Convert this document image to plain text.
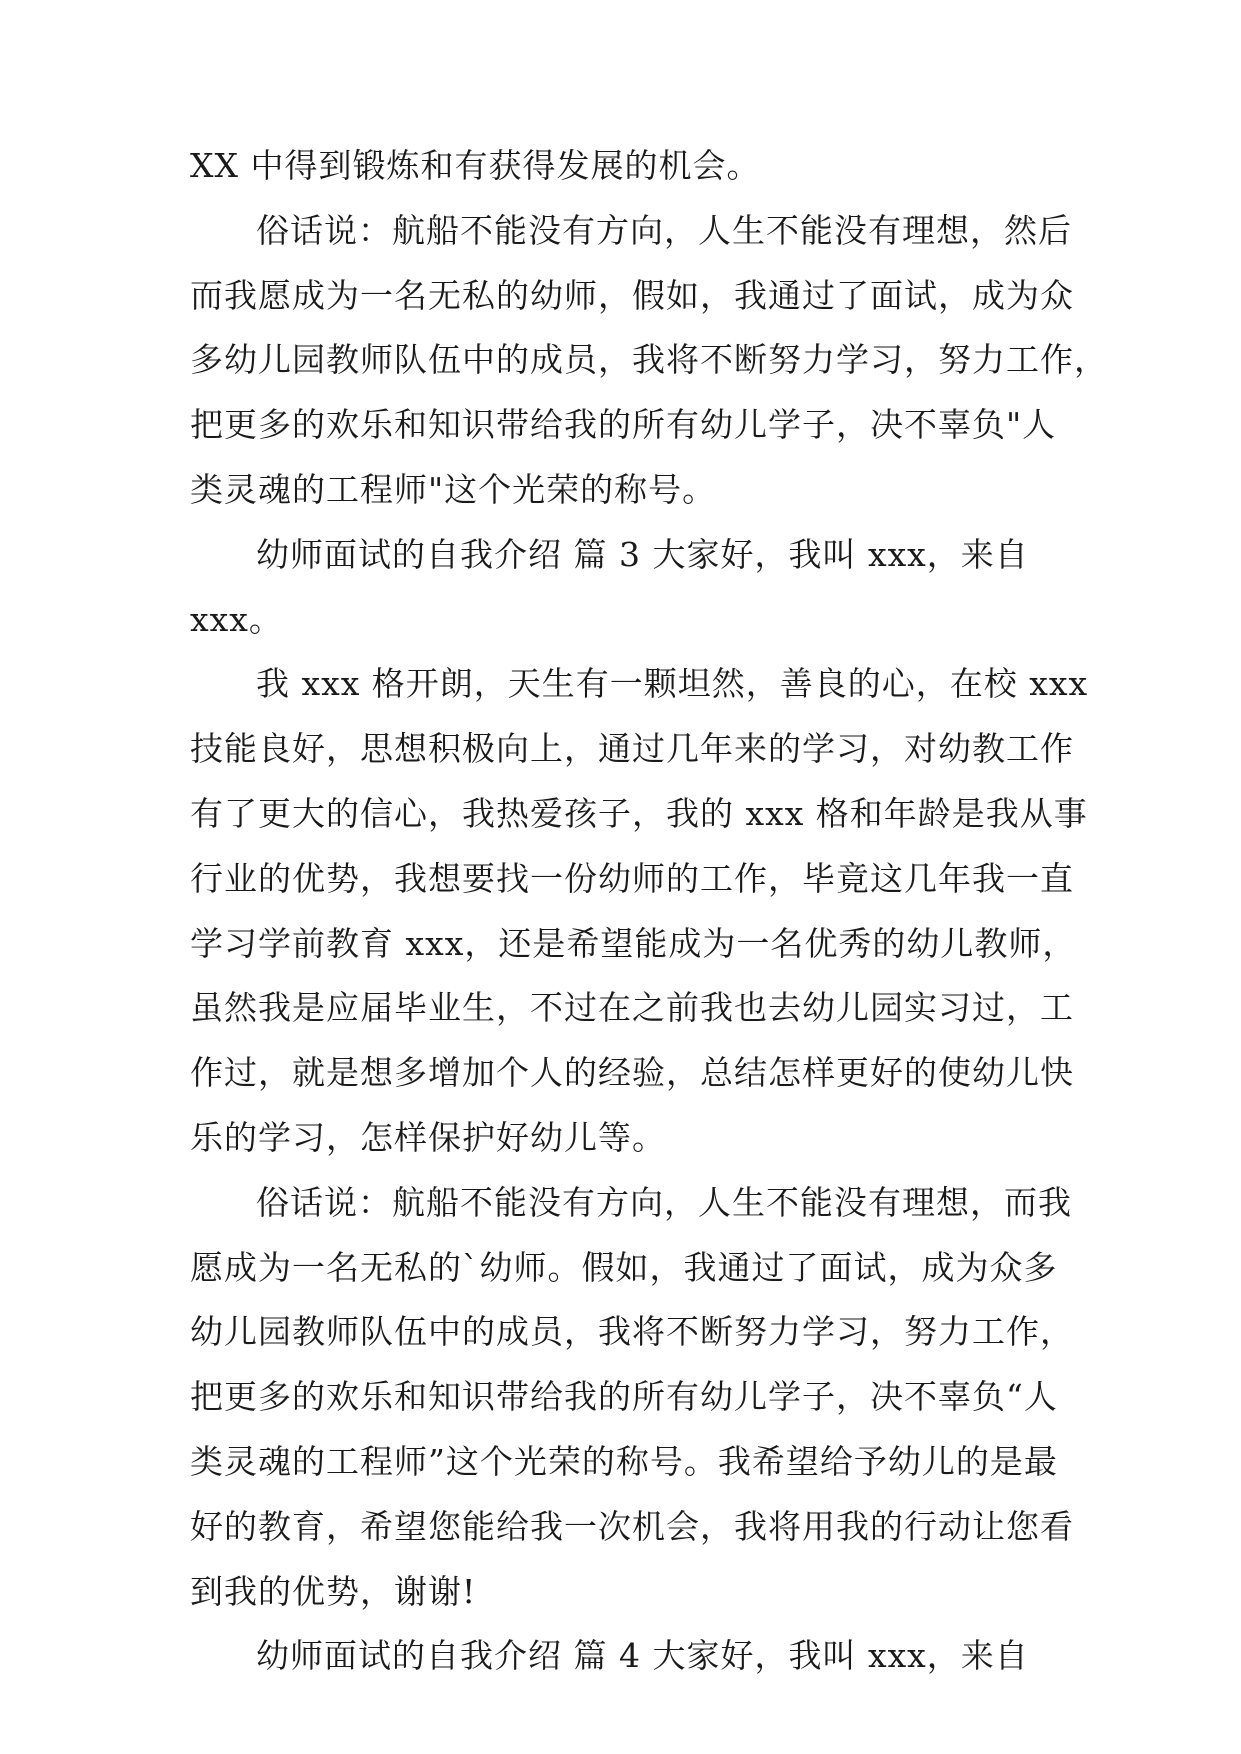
XX 中得到锻炼和有获得发展的机会。
俗话说：航船不能没有方向，人生不能没有理想，然后
而我愿成为一名无私的幼师，假如，我通过了面试，成为众
多幼儿园教师队伍中的成员，我将不断努力学习，努力工作，
把更多的欢乐和知识带给我的所有幼儿学子，决不辜负"人
类灵魂的工程师"这个光荣的称号。
幼师面试的自我介绍 篇 3 大家好，我叫 xxx，来自
xxx。
我 xxx 格开朗，天生有一颗坦然，善良的心，在校 xxx
技能良好，思想积极向上，通过几年来的学习，对幼教工作
有了更大的信心，我热爱孩子，我的 xxx 格和年龄是我从事
行业的优势，我想要找一份幼师的工作，毕竟这几年我一直
学习学前教育 xxx，还是希望能成为一名优秀的幼儿教师，
虽然我是应届毕业生，不过在之前我也去幼儿园实习过，工
作过，就是想多增加个人的经验，总结怎样更好的使幼儿快
乐的学习，怎样保护好幼儿等。
俗话说：航船不能没有方向，人生不能没有理想，而我
愿成为一名无私的`幼师。假如，我通过了面试，成为众多
幼儿园教师队伍中的成员，我将不断努力学习，努力工作，
把更多的欢乐和知识带给我的所有幼儿学子，决不辜负“人
类灵魂的工程师”这个光荣的称号。我希望给予幼儿的是最
好的教育，希望您能给我一次机会，我将用我的行动让您看
到我的优势，谢谢!
幼师面试的自我介绍 篇 4 大家好，我叫 xxx，来自
